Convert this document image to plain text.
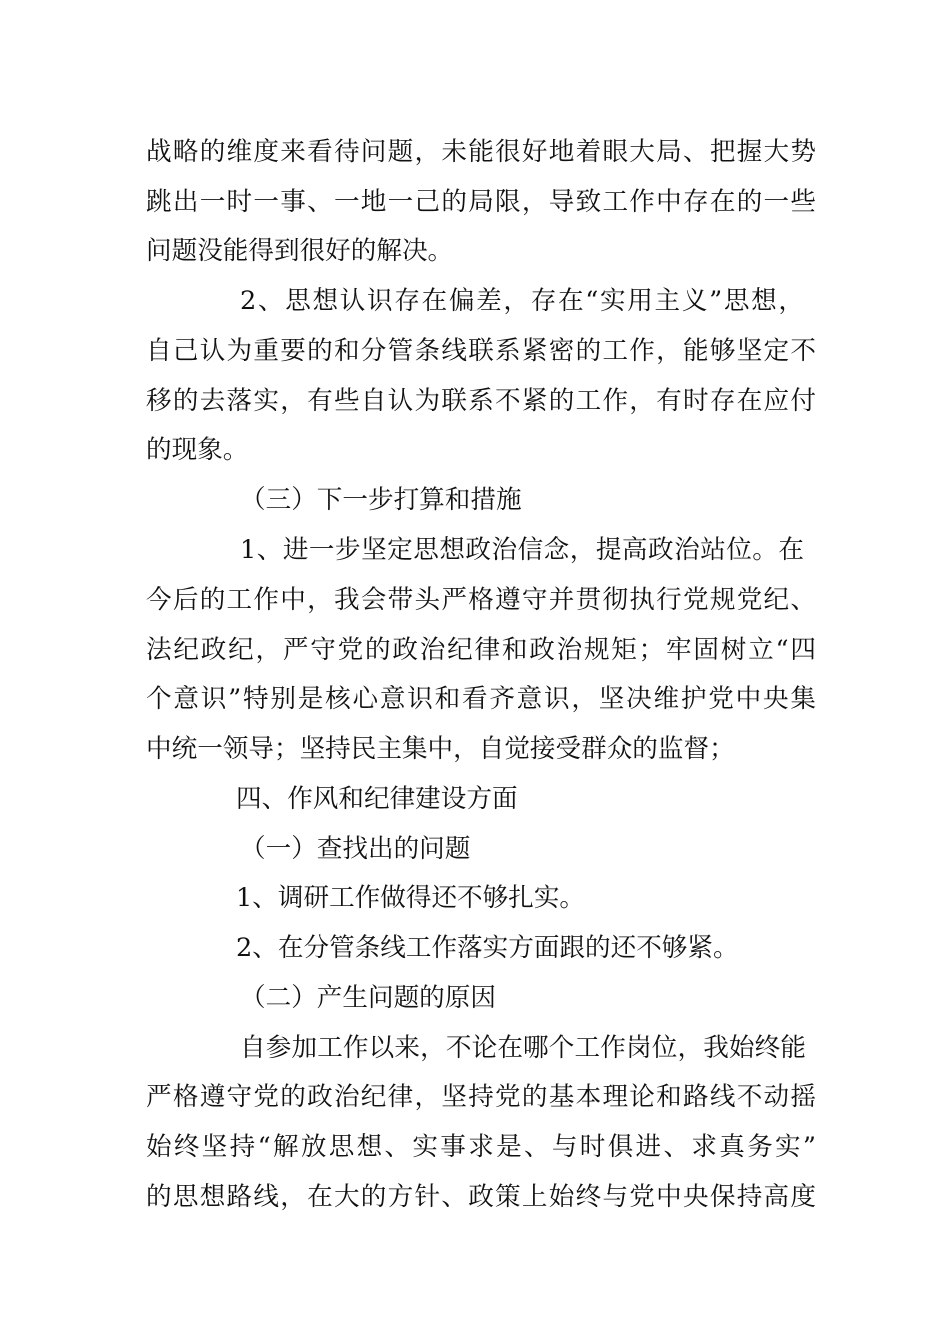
战略的维度来看待问题，未能很好地着眼大局、把握大势
跳出一时一事、一地一己的局限，导致工作中存在的一些
问题没能得到很好的解决。
2、思想认识存在偏差，存在“实用主义”思想，
自己认为重要的和分管条线联系紧密的工作，能够坚定不
移的去落实，有些自认为联系不紧的工作，有时存在应付
的现象。
（三）下一步打算和措施
1、进一步坚定思想政治信念，提高政治站位。在
今后的工作中，我会带头严格遵守并贯彻执行党规党纪、
法纪政纪，严守党的政治纪律和政治规矩；牢固树立“四
个意识”特别是核心意识和看齐意识，坚决维护党中央集
中统一领导；坚持民主集中，自觉接受群众的监督；
四、作风和纪律建设方面
（一）查找出的问题
1、调研工作做得还不够扎实。
2、在分管条线工作落实方面跟的还不够紧。
（二）产生问题的原因
自参加工作以来，不论在哪个工作岗位，我始终能
严格遵守党的政治纪律，坚持党的基本理论和路线不动摇
始终坚持“解放思想、实事求是、与时俱进、求真务实”
的思想路线，在大的方针、政策上始终与党中央保持高度
